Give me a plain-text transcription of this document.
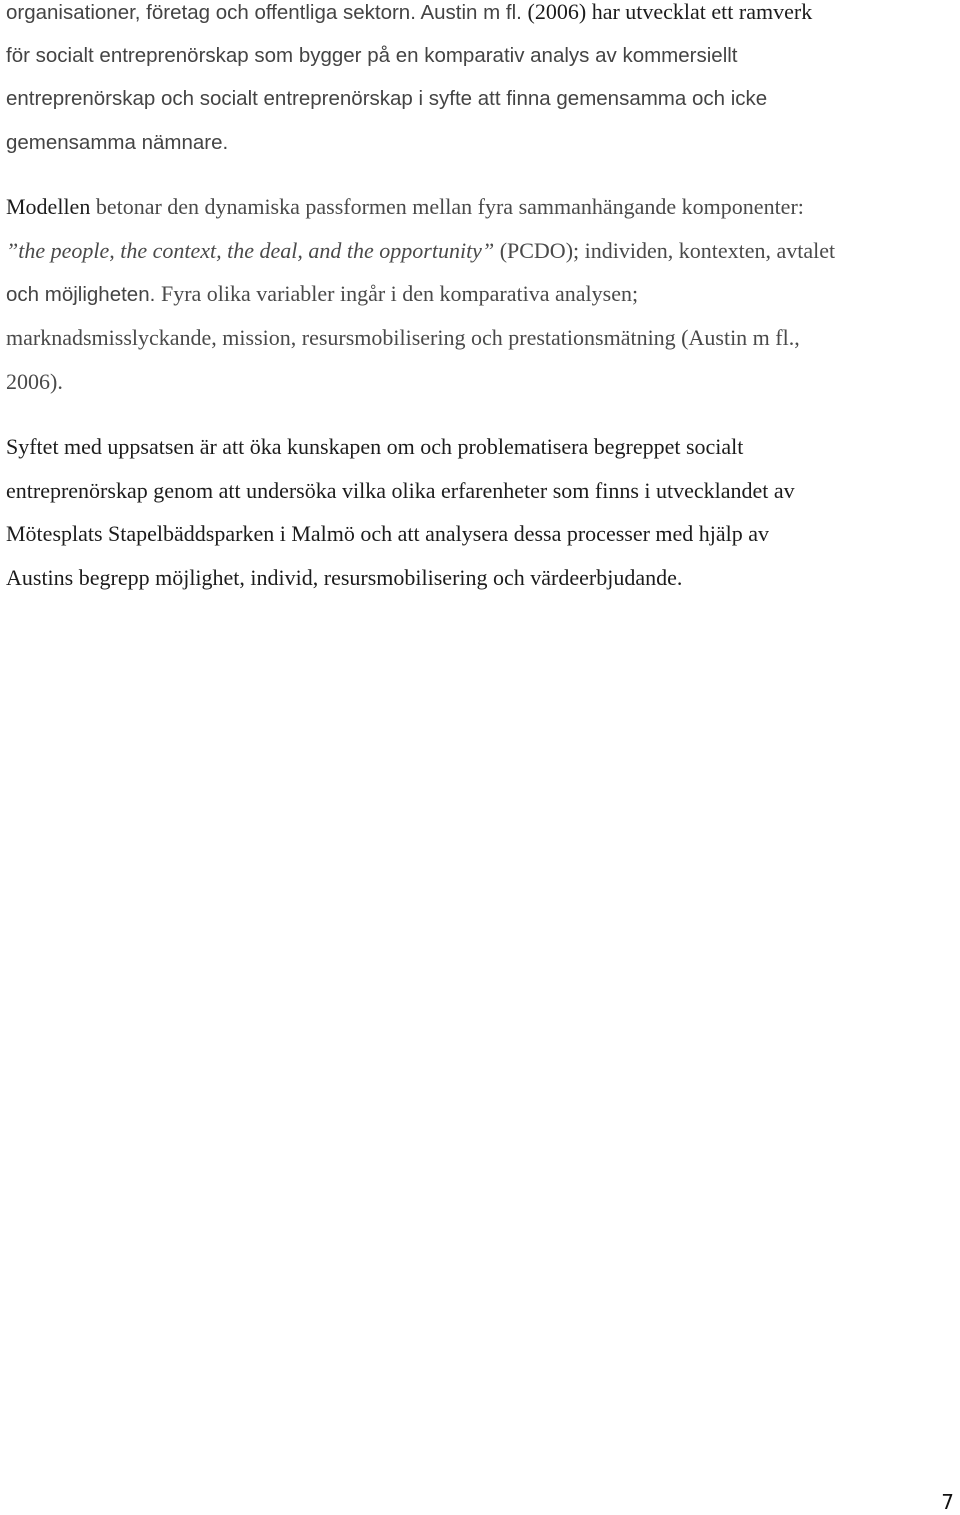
organisationer, företag och offentliga sektorn. Austin m fl. (2006) har utvecklat ett ramverk
för socialt entreprenörskap som bygger på en komparativ analys av kommersiellt
entreprenörskap och socialt entreprenörskap i syfte att finna gemensamma och icke
gemensamma nämnare.

Modellen betonar den dynamiska passformen mellan fyra sammanhängande komponenter:
”the people, the context, the deal, and the opportunity” (PCDO); individen, kontexten, avtalet
och möjligheten. Fyra olika variabler ingår i den komparativa analysen;
marknadsmisslyckande, mission, resursmobilisering och prestationsmätning (Austin m fl.,
2006).

Syftet med uppsatsen är att öka kunskapen om och problematisera begreppet socialt
entreprenörskap genom att undersöka vilka olika erfarenheter som finns i utvecklandet av
Mötesplats Stapelbäddsparken i Malmö och att analysera dessa processer med hjälp av
Austins begrepp möjlighet, individ, resursmobilisering och värdeerbjudande.

7
